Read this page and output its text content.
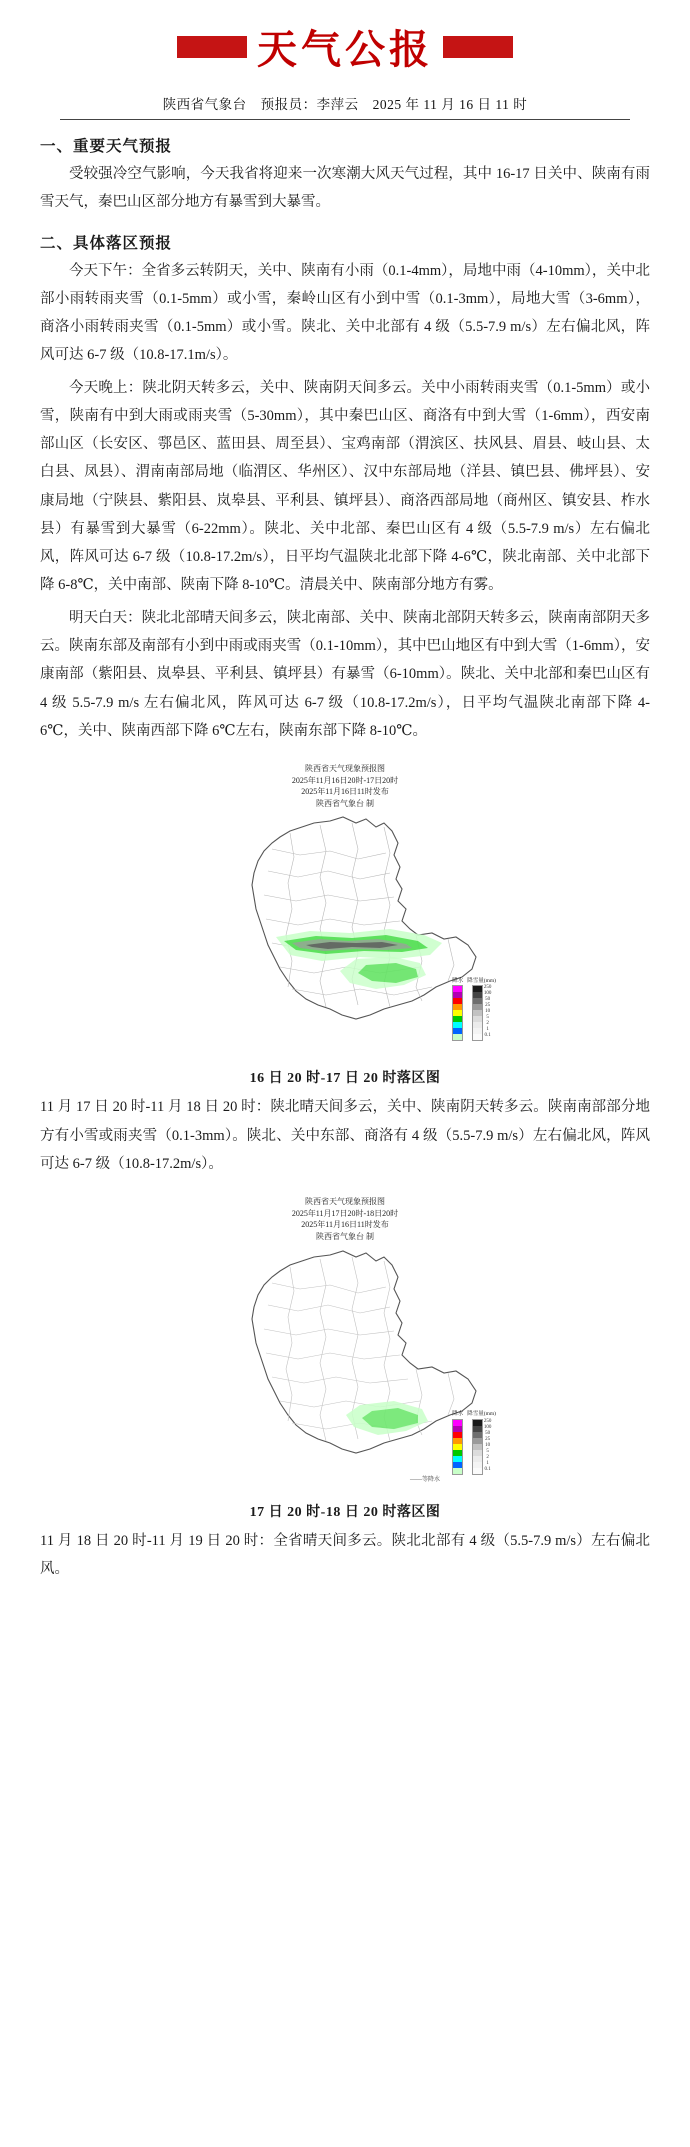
天气公报
陕西省气象台　预报员：李萍云　2025 年 11 月 16 日 11 时
一、重要天气预报
受较强冷空气影响，今天我省将迎来一次寒潮大风天气过程，其中 16-17 日关中、陕南有雨雪天气，秦巴山区部分地方有暴雪到大暴雪。
二、具体落区预报
今天下午：全省多云转阴天，关中、陕南有小雨（0.1-4mm），局地中雨（4-10mm），关中北部小雨转雨夹雪（0.1-5mm）或小雪，秦岭山区有小到中雪（0.1-3mm），局地大雪（3-6mm），商洛小雨转雨夹雪（0.1-5mm）或小雪。陕北、关中北部有 4 级（5.5-7.9 m/s）左右偏北风，阵风可达 6-7 级（10.8-17.1m/s）。
今天晚上：陕北阴天转多云，关中、陕南阴天间多云。关中小雨转雨夹雪（0.1-5mm）或小雪，陕南有中到大雨或雨夹雪（5-30mm），其中秦巴山区、商洛有中到大雪（1-6mm），西安南部山区（长安区、鄠邑区、蓝田县、周至县）、宝鸡南部（渭滨区、扶风县、眉县、岐山县、太白县、凤县）、渭南南部局地（临渭区、华州区）、汉中东部局地（洋县、镇巴县、佛坪县）、安康局地（宁陕县、紫阳县、岚皋县、平利县、镇坪县）、商洛西部局地（商州区、镇安县、柞水县）有暴雪到大暴雪（6-22mm）。陕北、关中北部、秦巴山区有 4 级（5.5-7.9 m/s）左右偏北风，阵风可达 6-7 级（10.8-17.2m/s），日平均气温陕北北部下降 4-6℃，陕北南部、关中北部下降 6-8℃，关中南部、陕南下降 8-10℃。清晨关中、陕南部分地方有雾。
明天白天：陕北北部晴天间多云，陕北南部、关中、陕南北部阴天转多云，陕南南部阴天多云。陕南东部及南部有小到中雨或雨夹雪（0.1-10mm），其中巴山地区有中到大雪（1-6mm），安康南部（紫阳县、岚皋县、平利县、镇坪县）有暴雪（6-10mm）。陕北、关中北部和秦巴山区有 4 级 5.5-7.9 m/s 左右偏北风，阵风可达 6-7 级（10.8-17.2m/s），日平均气温陕北南部下降 4-6℃，关中、陕南西部下降 6℃左右，陕南东部下降 8-10℃。
陕西省天气现象预报图
2025年11月16日20时-17日20时
2025年11月16日11时发布
陕西省气象台 制
降水 降雪量(mm)
250
100
50
25
10
5
2
1
0.1
16 日 20 时-17 日 20 时落区图
11 月 17 日 20 时-11 月 18 日 20 时：陕北晴天间多云，关中、陕南阴天转多云。陕南南部部分地方有小雪或雨夹雪（0.1-3mm）。陕北、关中东部、商洛有 4 级（5.5-7.9 m/s）左右偏北风，阵风可达 6-7 级（10.8-17.2m/s）。
陕西省天气现象预报图
2025年11月17日20时-18日20时
2025年11月16日11时发布
陕西省气象台 制
——等降水
降水 降雪量(mm)
250
100
50
25
10
5
2
1
0.1
17 日 20 时-18 日 20 时落区图
11 月 18 日 20 时-11 月 19 日 20 时：全省晴天间多云。陕北北部有 4 级（5.5-7.9 m/s）左右偏北风。
